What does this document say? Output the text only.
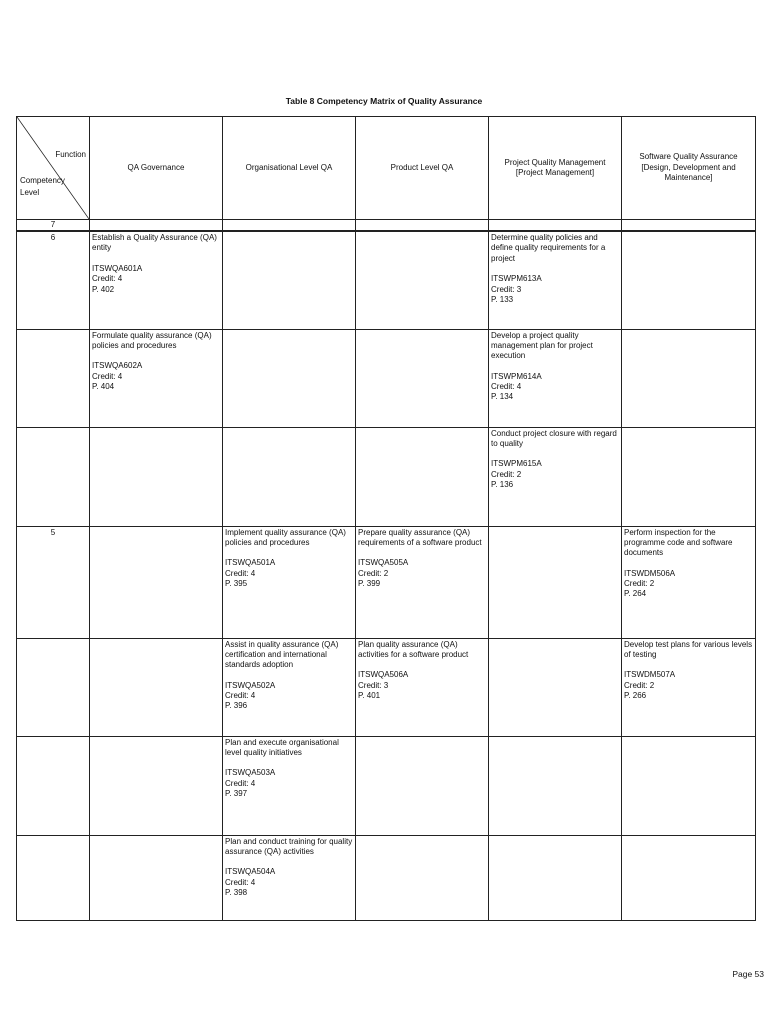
Table 8 Competency Matrix of Quality Assurance
Function
Competency Level	QA Governance	Organisational Level QA	Product Level QA	Project Quality Management [Project Management]	Software Quality Assurance [Design, Development and Maintenance]
7					
6	Establish a Quality Assurance (QA) entity
ITSWQA601A
Credit: 4
P. 402			Determine quality policies and define quality requirements for a project
ITSWPM613A
Credit: 3
P. 133	

	Formulate quality assurance (QA) policies and procedures
ITSWQA602A
Credit: 4
P. 404			Develop a project quality management plan for project execution
ITSWPM614A
Credit: 4
P. 134	

				Conduct project closure with regard to quality
ITSWPM615A
Credit: 2
P. 136	

5		Implement quality assurance (QA) policies and procedures
ITSWQA501A
Credit: 4
P. 395	Prepare quality assurance (QA) requirements of a software product
ITSWQA505A
Credit: 2
P. 399		Perform inspection for the programme code and software documents
ITSWDM506A
Credit: 2
P. 264

		Assist in quality assurance (QA) certification and international standards adoption
ITSWQA502A
Credit: 4
P. 396	Plan quality assurance (QA) activities for a software product
ITSWQA506A
Credit: 3
P. 401		Develop test plans for various levels of testing
ITSWDM507A
Credit: 2
P. 266

		Plan and execute organisational level quality initiatives
ITSWQA503A
Credit: 4
P. 397			

		Plan and conduct training for quality assurance (QA) activities
ITSWQA504A
Credit: 4
P. 398			

Page 53
